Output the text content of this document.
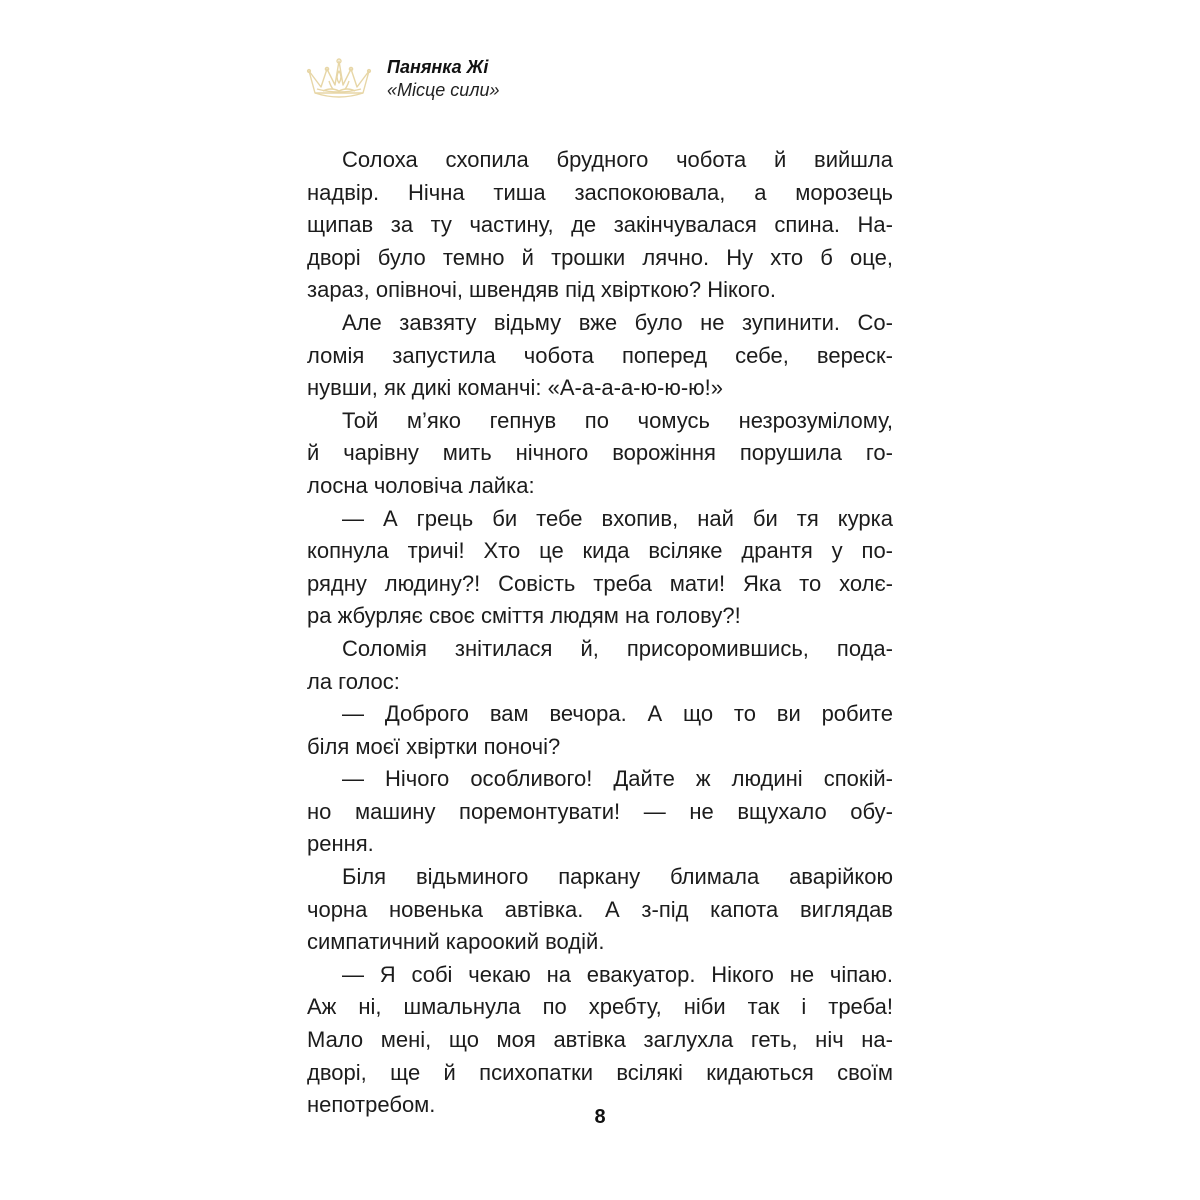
Панянка Жі
«Місце сили»
Солоха схопила брудного чобота й вийшла
надвір. Нічна тиша заспокоювала, а морозець
щипав за ту частину, де закінчувалася спина. На-
дворі було темно й трошки лячно. Ну хто б оце,
зараз, опівночі, швендяв під хвірткою? Нікого.
Але завзяту відьму вже було не зупинити. Со-
ломія запустила чобота поперед себе, вереск-
нувши, як дикі команчі: «А-а-а-а-ю-ю-ю!»
Той м’яко гепнув по чомусь незрозумілому,
й чарівну мить нічного ворожіння порушила го-
лосна чоловіча лайка:
— А грець би тебе вхопив, най би тя курка
копнула тричі! Хто це кида всіляке дрантя у по-
рядну людину?! Совість треба мати! Яка то холє-
ра жбурляє своє сміття людям на голову?!
Соломія знітилася й, присоромившись, пода-
ла голос:
— Доброго вам вечора. А що то ви робите
біля моєї хвіртки поночі?
— Нічого особливого! Дайте ж людині спокій-
но машину поремонтувати! — не вщухало обу-
рення.
Біля відьминого паркану блимала аварійкою
чорна новенька автівка. А з-під капота виглядав
симпатичний кароокий водій.
— Я собі чекаю на евакуатор. Нікого не чіпаю.
Аж ні, шмальнула по хребту, ніби так і треба!
Мало мені, що моя автівка заглухла геть, ніч на-
дворі, ще й психопатки всілякі кидаються своїм
непотребом.	8
